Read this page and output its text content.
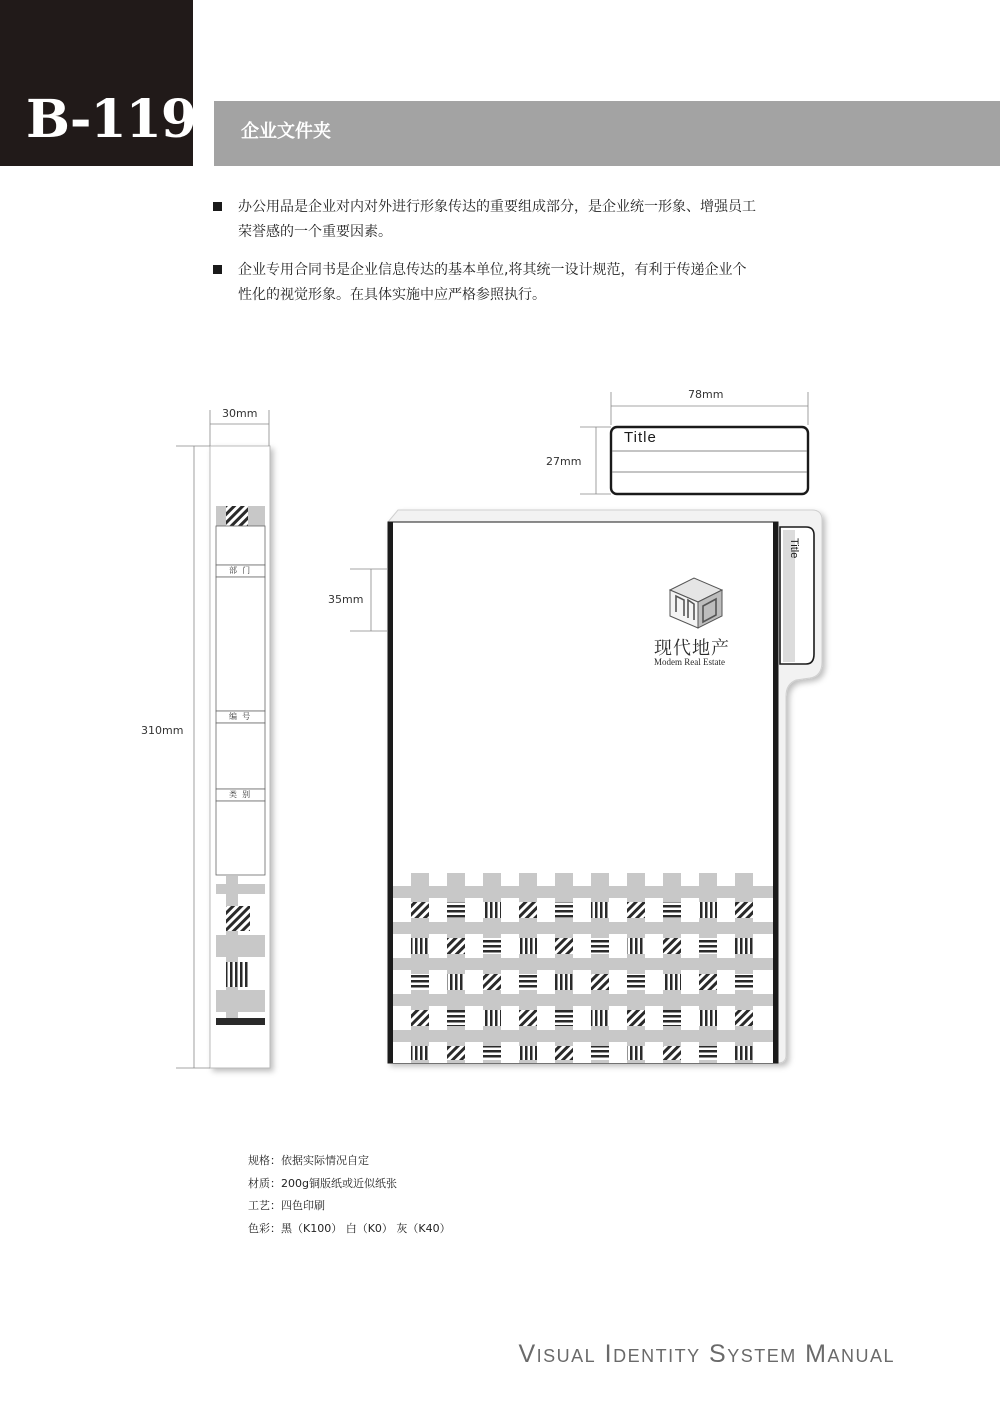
B-119 企业文件夹
办公用品是企业对内对外进行形象传达的重要组成部分，是企业统一形象、增强员工
荣誉感的一个重要因素。
企业专用合同书是企业信息传达的基本单位,将其统一设计规范，有利于传递企业个
性化的视觉形象。在具体实施中应严格参照执行。
30mm
310mm
部  门
编  号
类  别
78mm
27mm
Title
35mm
Title
现代地产
Modem Real Estate
规格：依据实际情况自定
材质：200g铜版纸或近似纸张
工艺：四色印刷
色彩：黑（K100） 白（K0） 灰（K40）
Visual Identity System Manual
